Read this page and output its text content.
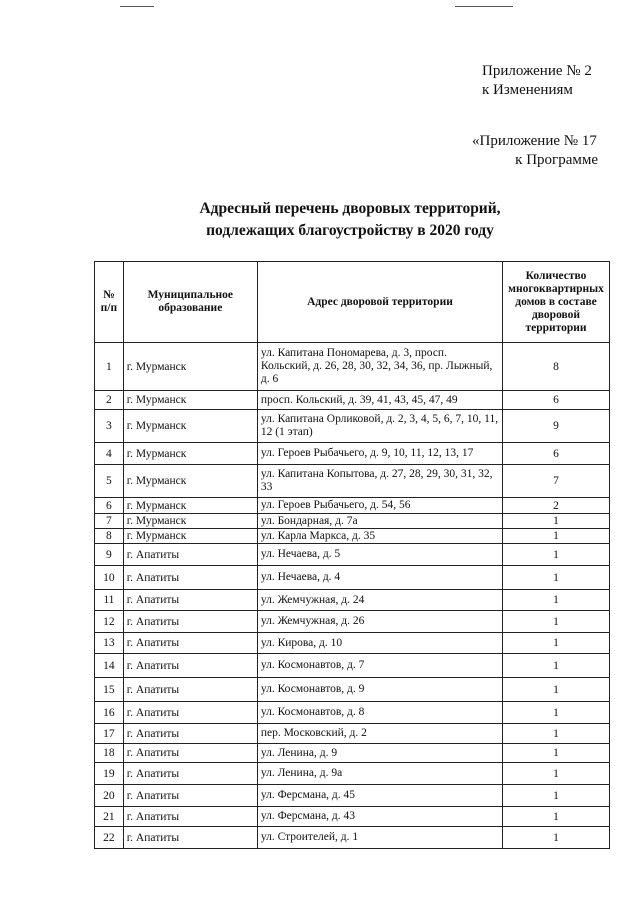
Приложение № 2
к Изменениям
«Приложение № 17
к Программе
Адресный перечень дворовых территорий,
подлежащих благоустройству в 2020 году
№ п/п	Муниципальное образование	Адрес дворовой территории	Количество многоквартирных домов в составе дворовой территории
1	г. Мурманск	ул. Капитана Пономарева, д. 3, просп. Кольский, д. 26, 28, 30, 32, 34, 36, пр. Лыжный, д. 6	8
2	г. Мурманск	просп. Кольский, д. 39, 41, 43, 45, 47, 49	6
3	г. Мурманск	ул. Капитана Орликовой, д. 2, 3, 4, 5, 6, 7, 10, 11, 12 (1 этап)	9
4	г. Мурманск	ул. Героев Рыбачьего, д. 9, 10, 11, 12, 13, 17	6
5	г. Мурманск	ул. Капитана Копытова, д. 27, 28, 29, 30, 31, 32, 33	7
6	г. Мурманск	ул. Героев Рыбачьего, д. 54, 56	2
7	г. Мурманск	ул. Бондарная, д. 7а	1
8	г. Мурманск	ул. Карла Маркса, д. 35	1
9	г. Апатиты	ул. Нечаева, д. 5	1
10	г. Апатиты	ул. Нечаева, д. 4	1
11	г. Апатиты	ул. Жемчужная, д. 24	1
12	г. Апатиты	ул. Жемчужная, д. 26	1
13	г. Апатиты	ул. Кирова, д. 10	1
14	г. Апатиты	ул. Космонавтов, д. 7	1
15	г. Апатиты	ул. Космонавтов, д. 9	1
16	г. Апатиты	ул. Космонавтов, д. 8	1
17	г. Апатиты	пер. Московский, д. 2	1
18	г. Апатиты	ул. Ленина, д. 9	1
19	г. Апатиты	ул. Ленина, д. 9а	1
20	г. Апатиты	ул. Ферсмана, д. 45	1
21	г. Апатиты	ул. Ферсмана, д. 43	1
22	г. Апатиты	ул. Строителей, д. 1	1
